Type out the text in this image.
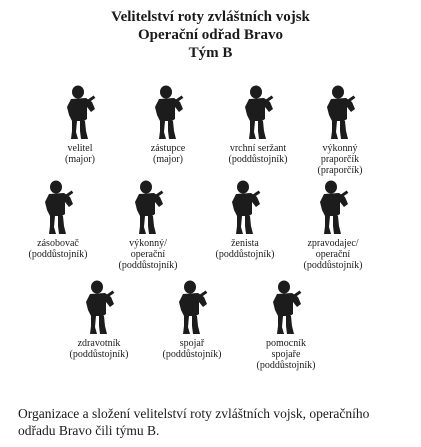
Velitelství roty zvláštních vojsk
Operační odřad Bravo
Tým B
velitel
(major)
zástupce
(major)
vrchní seržant
(poddůstojník)
výkonný
praporčík
(praporčík)
zásobovač
(poddůstojník)
výkonný/
operační
(poddůstojník)
ženista
(poddůstojník)
zpravodajec/
operační
(poddůstojník)
zdravotník
(poddůstojník)
spojař
(poddůstojník)
pomocník
spojaře
(poddůstojník)
Organizace a složení velitelství roty zvláštních vojsk, operačního odřadu Bravo čili týmu B.
